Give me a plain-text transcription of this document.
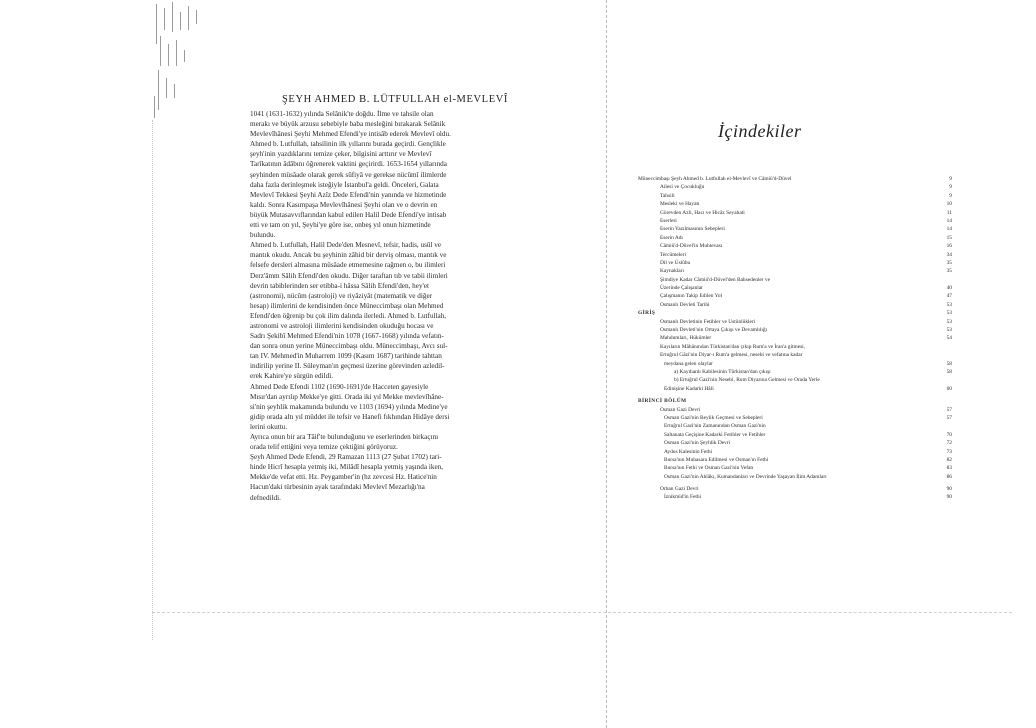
ŞEYH AHMED B. LÜTFULLAH el-MEVLEVÎ

1041 (1631-1632) yılında Selânik'te doğdu. İlme ve tahsile olan
merakı ve büyük arzusu sebebiyle baba mesleğini bırakarak Selânik
Mevlevîhânesi Şeyhi Mehmed Efendi'ye intisâb ederek Mevlevî oldu.
Ahmed b. Lutfullah, tahsilinin ilk yıllarını burada geçirdi. Gençlikle
şeyh'inin yazdıklarını temize çeker, bilgisini arttırır ve Mevlevî
Tarîkatının âdâbını öğrenerek vaktini geçirirdi. 1653-1654 yıllarında
şeyhinden müsâade olarak gerek sûfiyâ ve gerekse nücûmî ilimlerde
daha fazla derinleşmek isteğiyle İstanbul'a geldi. Önceleri, Galata
Mevlevî Tekkesi Şeyhi Azîz Dede Efendi'nin yanında ve hizmetinde
kaldı. Sonra Kasımpaşa Mevlevîhânesi Şeyhi olan ve o devrin en
büyük Mutasavvıflarından kabul edilen Halil Dede Efendi'ye intisab
etti ve tam on yıl, Şeyhi'ye göre ise, onbeş yıl onun hizmetinde
bulundu.

Ahmed b. Lutfullah, Halil Dede'den Mesnevî, tefsir, hadis, usûl ve
mantık okudu. Ancak bu şeyhinin zâhid bir derviş olması, mantık ve
felsefe dersleri almasına müsâade etmemesine rağmen o, bu ilimleri
Derz'âmm Sâlih Efendi'den okudu. Diğer taraftan tıb ve tabii ilimleri
devrin tabiblerinden ser etibba-i hâssa Sâlih Efendi'den, hey'et
(astronomi), nücûm (astroloji) ve riyâziyât (matematik ve diğer
hesap) ilimlerini de kendisinden önce Müneccimbaşı olan Mehmed
Efendi'den öğrenip bu çok ilim dalında ilerledi. Ahmed b. Lutfullah,
astronomi ve astroloji ilimlerini kendisinden okuduğu hocası ve
Sadrı Şekibî Mehmed Efendi'nin 1078 (1667-1668) yılında vefatın-
dan sonra onun yerine Müneccimbaşı oldu. Müneccimbaşı, Avcı sul-
tan IV. Mehmed'in Muharrem 1099 (Kasım 1687) tarihinde tahttan
indirilip yerine II. Süleyman'ın geçmesi üzerine görevinden azledil-
erek Kahire'ye sürgün edildi.

Ahmed Dede Efendi 1102 (1690-1691)'de Hacceten gayesiyle
Mısır'dan ayrılıp Mekke'ye gitti. Orada iki yıl Mekke mevlevîhâne-
si'nin şeyhlik makamında bulundu ve 1103 (1694) yılında Medine'ye
gidip orada altı yıl müddet ile tefsir ve Hanefi fıkhından Hidâye dersi
lerini okuttu.

Ayrıca onun bir ara Tâif'te bulunduğunu ve eserlerinden birkaçını
orada telif ettiğini veya temize çektiğini görüyoruz.

Şeyh Ahmed Dede Efendi, 29 Ramazan 1113 (27 Şubat 1702) tari-
hinde Hicrî hesapla yetmiş iki, Milâdî hesapla yetmiş yaşında iken,
Mekke'de vefat etti. Hz. Peygamber'in (hz zevcesi Hz. Hatice'nin
Hacun'daki türbesinin ayak tarafındaki Mevlevî Mezarlığı'na
defnedildi.

İçindekiler
Müneccimbaşı Şeyh Ahmed b. Lutfullah el-Mevlevî ve Câmiü'd-Düvel	9
Ailesi ve Çocukluğu	9
Tahsili	9
Mesleki ve Hayatı	10
Görevden Azli, Hacı ve Hicâz Seyahati	11
Eserleri	14
Eserin Yazılmasının Sebepleri	14
Eserin Adı	15
Câmiü'd-Düvel'in Muhtevası	16
Tercümeleri	34
Dil ve Üslûbu	35
Kaynakları	35
Şimdiye Kadar Câmiü'd-Düvel'den Bahsedenler ve
Üzerinde Çalışanlar	40
Çalışmanın Takip Edilen Yol	47
Osmanlı Devleti Tarihi	53
GİRİŞ	53
Osmanlı Devletinin Fetihler ve Ustünlükleri	53
Osmanlı Devleti'nin Ortaya Çıkışı ve Devamlılığı	53
Mahdumları, Hükümler	54
Kayıların Mâhânından Türkistan'dan çıkıp Rum'a ve İran'a gitmesi,
Ertuğrul Gâzi'nin Diyar-ı Rum'a gelmesi, nesebi ve vefatına kadar
meydana gelen olaylar	58
a) Kayıhanlı Kabilesinin Türkistan'dan çıkışı	58
b) Ertuğrul Gazi'nin Nesebi, Rum Diyarına Gelmesi ve Orada Yerle
Edinişine Kadarki Hâli	60
BİRİNCİ BÖLÜM
Osman Gazi Devri	57
Osman Gazi'nin Beylik Geçmesi ve Sebepleri	57
Ertuğrul Gazi'nin Zamanından Osman Gazi'nin
Saltanata Geçişine Kadarki Fetihler ve Fetihler	70
Osman Gazi'nin Şeyhlik Devri	72
Aydos Kalesinin Fethi	73
Bursa'nın Muhasara Edilmesi ve Osman'ın Fethi	82
Bursa'nın Fethi ve Osman Gazi'nin Vefatı	83
Osman Gazi'nin Ahlâkı, Kumandanları ve Devrinde Yaşayan İlim Adamları	86
Orhan Gazi Devri	90
İznikmid'in Fethi	90
